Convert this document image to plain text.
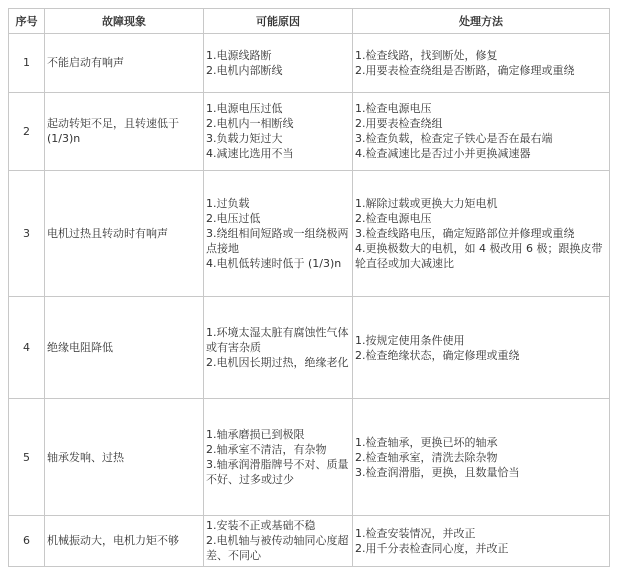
序号	故障现象	可能原因	处理方法
1	不能启动有响声	1.电源线路断
2.电机内部断线	1.检查线路，找到断处，修复
2.用要表检查绕组是否断路，确定修理或重绕

2	起动转矩不足，且转速低于(1/3)n	1.电源电压过低
2.电机内一相断线
3.负载力矩过大
4.减速比选用不当	1.检查电源电压
2.用要表检查绕组
3.检查负载，检查定子铁心是否在最右端
4.检查减速比是否过小并更换减速器

3	电机过热且转动时有响声	1.过负载
2.电压过低
3.绕组相间短路或一组绕极两点接地
4.电机低转速时低于 (1/3)n	1.解除过载或更换大力矩电机
2.检查电源电压
3.检查线路电压，确定短路部位并修理或重绕
4.更换极数大的电机，如 4 极改用 6 极；跟换皮带轮直径或加大减速比

4	绝缘电阻降低	1.环境太湿太脏有腐蚀性气体或有害杂质
2.电机因长期过热，绝缘老化	1.按规定使用条件使用
2.检查绝缘状态，确定修理或重绕

5	轴承发响、过热	1.轴承磨损已到极限
2.轴承室不清洁，有杂物
3.轴承润滑脂牌号不对、质量不好、过多或过少	1.检查轴承，更换已坏的轴承
2.检查轴承室，清洗去除杂物
3.检查润滑脂，更换，且数量恰当

6	机械振动大，电机力矩不够	1.安装不正或基础不稳
2.电机轴与被传动轴同心度超差、不同心	1.检查安装情况，并改正
2.用千分表检查同心度，并改正
